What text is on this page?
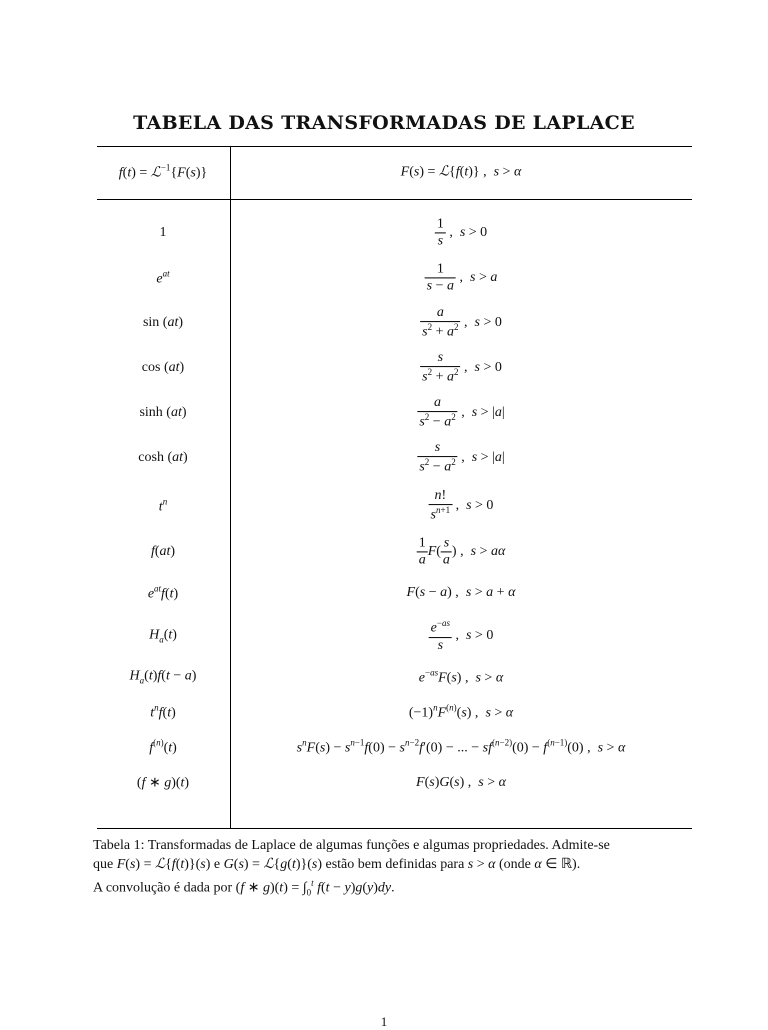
TABELA DAS TRANSFORMADAS DE LAPLACE
f(t) = ℒ$^{-1}${F(s)}	F(s) = ℒ{f(t)} ,  s > α
1	$\frac{1}{s}$ ,  s > 0
$e^{at}$	$\frac{1}{s - a}$ ,  s > a
sin (at)	$\frac{a}{s^2 + a^2}$ ,  s > 0
cos (at)	$\frac{s}{s^2 + a^2}$ ,  s > 0
sinh (at)	$\frac{a}{s^2 - a^2}$ ,  s > |a|
cosh (at)	$\frac{s}{s^2 - a^2}$ ,  s > |a|
$t^n$	$\frac{n!}{s^{n+1}}$ ,  s > 0
f(at)	$\frac{1}{a} F( \frac{s}{a}$ ) ,  s > aα
$e^{at}f(t)$	F(s − a) ,  s > a + α
$H_a(t)$	$\frac{e^{-as}}{s}$ ,  s > 0
$H_a(t)f(t - a)$	$e^{-as}F(s)$ ,  s > α
$t^nf(t)$	$(-1)^nF^{(n)}(s)$ ,  s > α
$f^{(n)}(t)$	$s^nF(s) - s^{n-1}f(0) - s^{n-2}f'(0)$ − ... − $sf^{(n-2)}(0) - f^{(n-1)}(0)$ ,  s > α
(f ∗ g)(t)	F(s)G(s) ,  s > α
Tabela 1: Transformadas de Laplace de algumas funções e algumas propriedades. Admite-se
que F(s) = ℒ{f(t)}(s) e G(s) = ℒ{g(t)}(s) estão bem definidas para s > α (onde α ∈ ℝ).
A convolução é dada por (f ∗ $g)(t) = \int_0^t$ f(t − y)g(y)dy.
1
